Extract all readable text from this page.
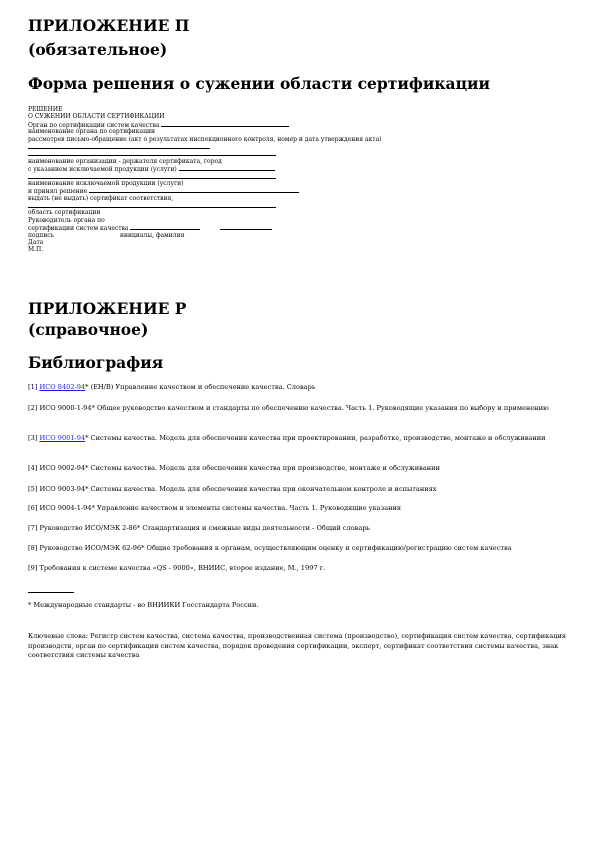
ПРИЛОЖЕНИЕ П
(обязательное)
Форма решения о сужении области сертификации
РЕШЕНИЕ
О СУЖЕНИИ ОБЛАСТИ СЕРТИФИКАЦИИ
Орган по сертификации систем качества
наименование органа по сертификации
рассмотрев письмо-обращение (акт о результатах инспекционного контроля, номер и дата утверждения акта)
наименование организации - держателя сертификата, город
с указанием исключаемой продукции (услуги)
наименование исключаемой продукции (услуги)
и принял решение
выдать (не выдать) сертификат соответствия,
область сертификации
Руководитель органа по
сертификации систем качества
подпись	инициалы, фамилия
Дата
М.П.
ПРИЛОЖЕНИЕ Р
(справочное)
Библиография
[1] ИСО 8402-94* (ЕН/В) Управление качеством и обеспечение качества. Словарь
[2] ИСО 9000-1-94* Общее руководство качеством и стандарты по обеспечению качества. Часть 1. Руководящие указания по выбору и применению
[3] ИСО 9001-94* Системы качества. Модель для обеспечения качества при проектировании, разработке, производстве, монтаже и обслуживании
[4] ИСО 9002-94* Системы качества. Модель для обеспечения качества при производстве, монтаже и обслуживании
[5] ИСО 9003-94* Системы качества. Модель для обеспечения качества при окончательном контроле и испытаниях
[6] ИСО 9004-1-94* Управление качеством и элементы системы качества. Часть 1. Руководящие указания
[7] Руководство ИСО/МЭК 2-86* Стандартизация и смежные виды деятельности - Общий словарь
[8] Руководство ИСО/МЭК 62-96* Общие требования к органам, осуществляющим оценку и сертификацию/регистрацию систем качества
[9] Требования к системе качества «QS - 9000», ВНИИС, второе издание, М., 1997 г.
* Международные стандарты - во ВНИИКИ Госстандарта России.
Ключевые слова: Регистр систем качества, система качества, производственная система (производство), сертификация систем качества, сертификация производств, орган по сертификации систем качества, порядок проведения сертификации, эксперт, сертификат соответствия системы качества, знак соответствия системы качества
